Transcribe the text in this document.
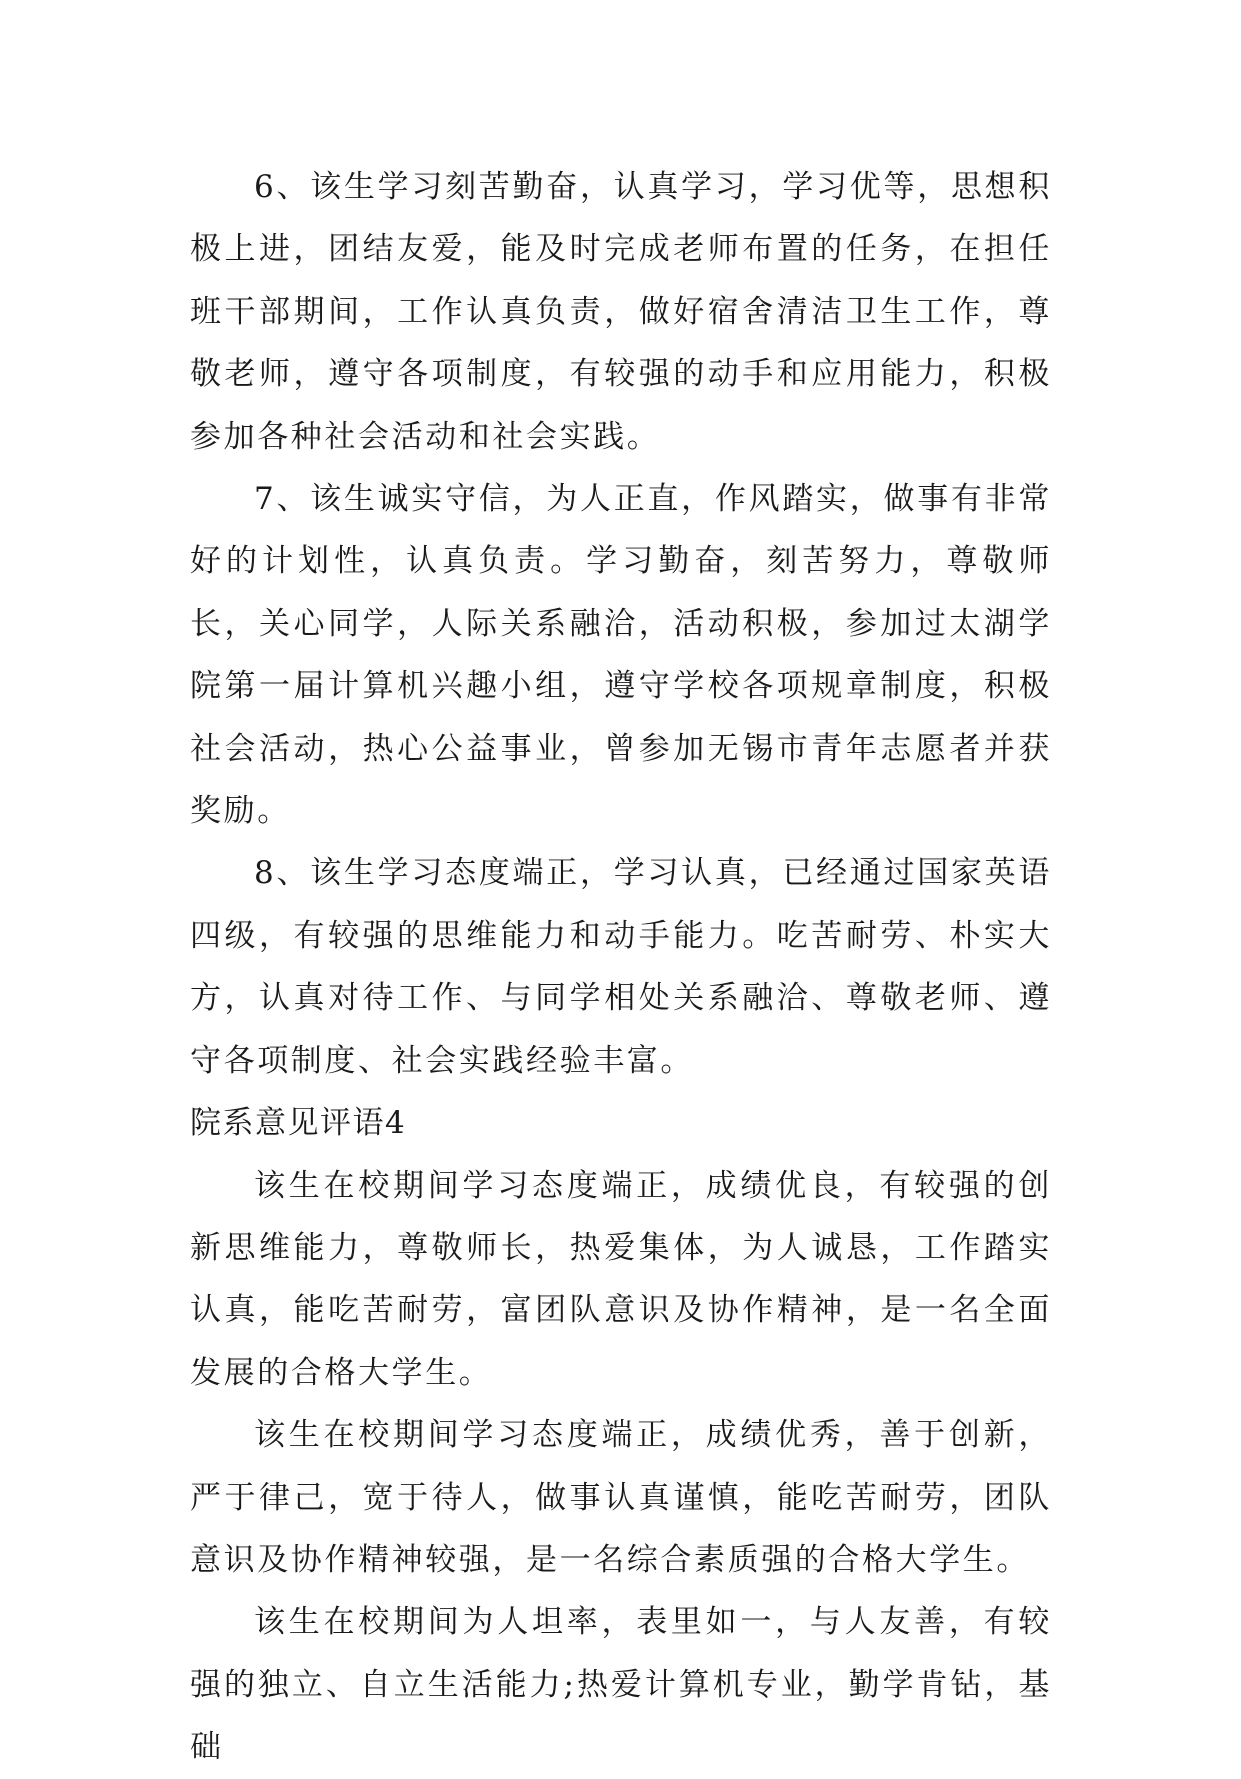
6、该生学习刻苦勤奋，认真学习，学习优等，思想积极上进，团结友爱，能及时完成老师布置的任务，在担任班干部期间，工作认真负责，做好宿舍清洁卫生工作，尊敬老师，遵守各项制度，有较强的动手和应用能力，积极参加各种社会活动和社会实践。

7、该生诚实守信，为人正直，作风踏实，做事有非常好的计划性，认真负责。学习勤奋，刻苦努力，尊敬师长，关心同学，人际关系融洽，活动积极，参加过太湖学院第一届计算机兴趣小组，遵守学校各项规章制度，积极社会活动，热心公益事业，曾参加无锡市青年志愿者并获奖励。

8、该生学习态度端正，学习认真，已经通过国家英语四级，有较强的思维能力和动手能力。吃苦耐劳、朴实大方，认真对待工作、与同学相处关系融洽、尊敬老师、遵守各项制度、社会实践经验丰富。

院系意见评语4

该生在校期间学习态度端正，成绩优良，有较强的创新思维能力，尊敬师长，热爱集体，为人诚恳，工作踏实认真，能吃苦耐劳，富团队意识及协作精神，是一名全面发展的合格大学生。

该生在校期间学习态度端正，成绩优秀，善于创新，严于律己，宽于待人，做事认真谨慎，能吃苦耐劳，团队意识及协作精神较强，是一名综合素质强的合格大学生。

该生在校期间为人坦率，表里如一，与人友善，有较强的独立、自立生活能力;热爱计算机专业，勤学肯钻，基础
